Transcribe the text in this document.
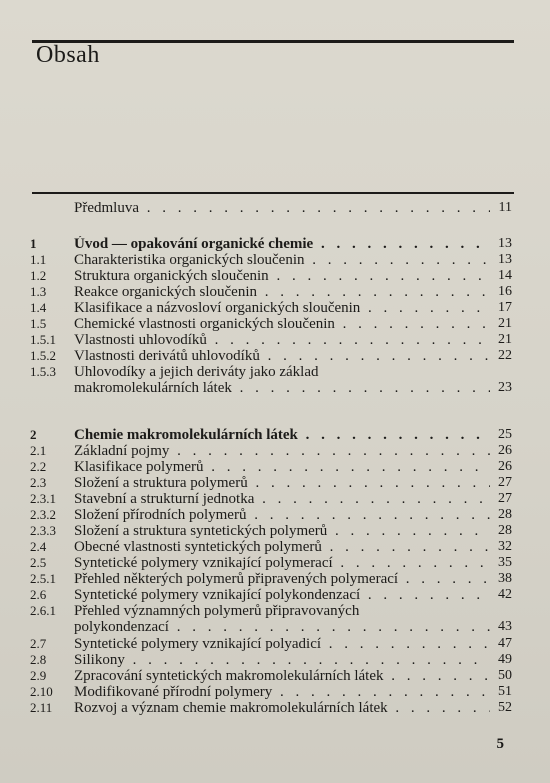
Obsah
Předmluva . . .	11
1	Úvod — opakování organické chemie . . .	13
1.1	Charakteristika organických sloučenin . . .	13
1.2	Struktura organických sloučenin . . .	14
1.3	Reakce organických sloučenin . . .	16
1.4	Klasifikace a názvosloví organických sloučenin . . .	17
1.5	Chemické vlastnosti organických sloučenin . . .	21
1.5.1	Vlastnosti uhlovodíků . . .	21
1.5.2	Vlastnosti derivátů uhlovodíků . . .	22
1.5.3	Uhlovodíky a jejich deriváty jako základ
makromolekulárních látek . . .	23
2	Chemie makromolekulárních látek . . .	25
2.1	Základní pojmy . . .	26
2.2	Klasifikace polymerů . . .	26
2.3	Složení a struktura polymerů . . .	27
2.3.1	Stavební a strukturní jednotka . . .	27
2.3.2	Složení přírodních polymerů . . .	28
2.3.3	Složení a struktura syntetických polymerů . . .	28
2.4	Obecné vlastnosti syntetických polymerů . . .	32
2.5	Syntetické polymery vznikající polymerací . . .	35
2.5.1	Přehled některých polymerů připravených polymerací . . .	38
2.6	Syntetické polymery vznikající polykondenzací . . .	42
2.6.1	Přehled významných polymerů připravovaných
polykondenzací . . .	43
2.7	Syntetické polymery vznikající polyadicí . . .	47
2.8	Silikony . . .	49
2.9	Zpracování syntetických makromolekulárních látek . . .	50
2.10	Modifikované přírodní polymery . . .	51
2.11	Rozvoj a význam chemie makromolekulárních látek . . .	52
5
